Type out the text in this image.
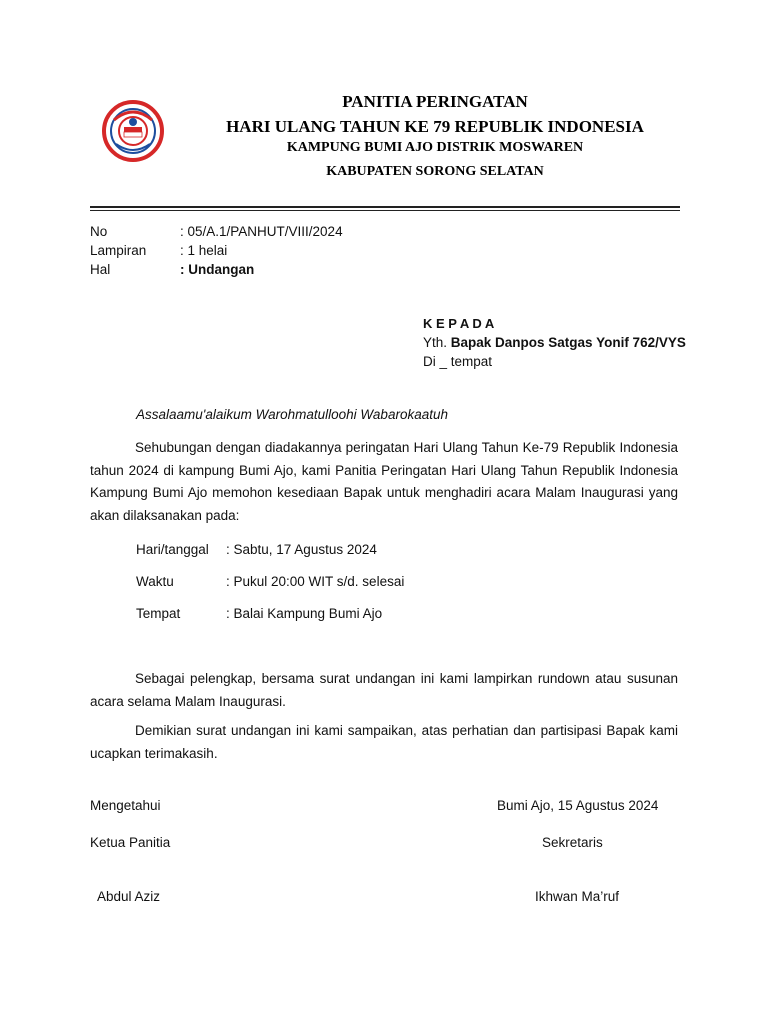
PANITIA PERINGATAN
HARI ULANG TAHUN KE 79 REPUBLIK INDONESIA
KAMPUNG BUMI AJO DISTRIK MOSWAREN
KABUPATEN SORONG SELATAN
No	: 05/A.1/PANHUT/VIII/2024
Lampiran : 1 helai
Hal	: Undangan
K E P A D A
Yth. Bapak Danpos Satgas Yonif 762/VYS
Di _ tempat
Assalaamu'alaikum Warohmatulloohi Wabarokaatuh
Sehubungan dengan diadakannya peringatan Hari Ulang Tahun Ke-79 Republik Indonesia tahun 2024 di kampung Bumi Ajo, kami Panitia Peringatan Hari Ulang Tahun Republik Indonesia Kampung Bumi Ajo memohon kesediaan Bapak untuk menghadiri acara Malam Inaugurasi yang akan dilaksanakan pada:
Hari/tanggal : Sabtu, 17 Agustus 2024
Waktu	: Pukul 20:00 WIT s/d. selesai
Tempat	: Balai Kampung Bumi Ajo
Sebagai pelengkap, bersama surat undangan ini kami lampirkan rundown atau susunan acara selama Malam Inaugurasi.
Demikian surat undangan ini kami sampaikan, atas perhatian dan partisipasi Bapak kami ucapkan terimakasih.
Mengetahui	Bumi Ajo, 15 Agustus 2024
Ketua Panitia	Sekretaris
Abdul Aziz	Ikhwan Ma’ruf
